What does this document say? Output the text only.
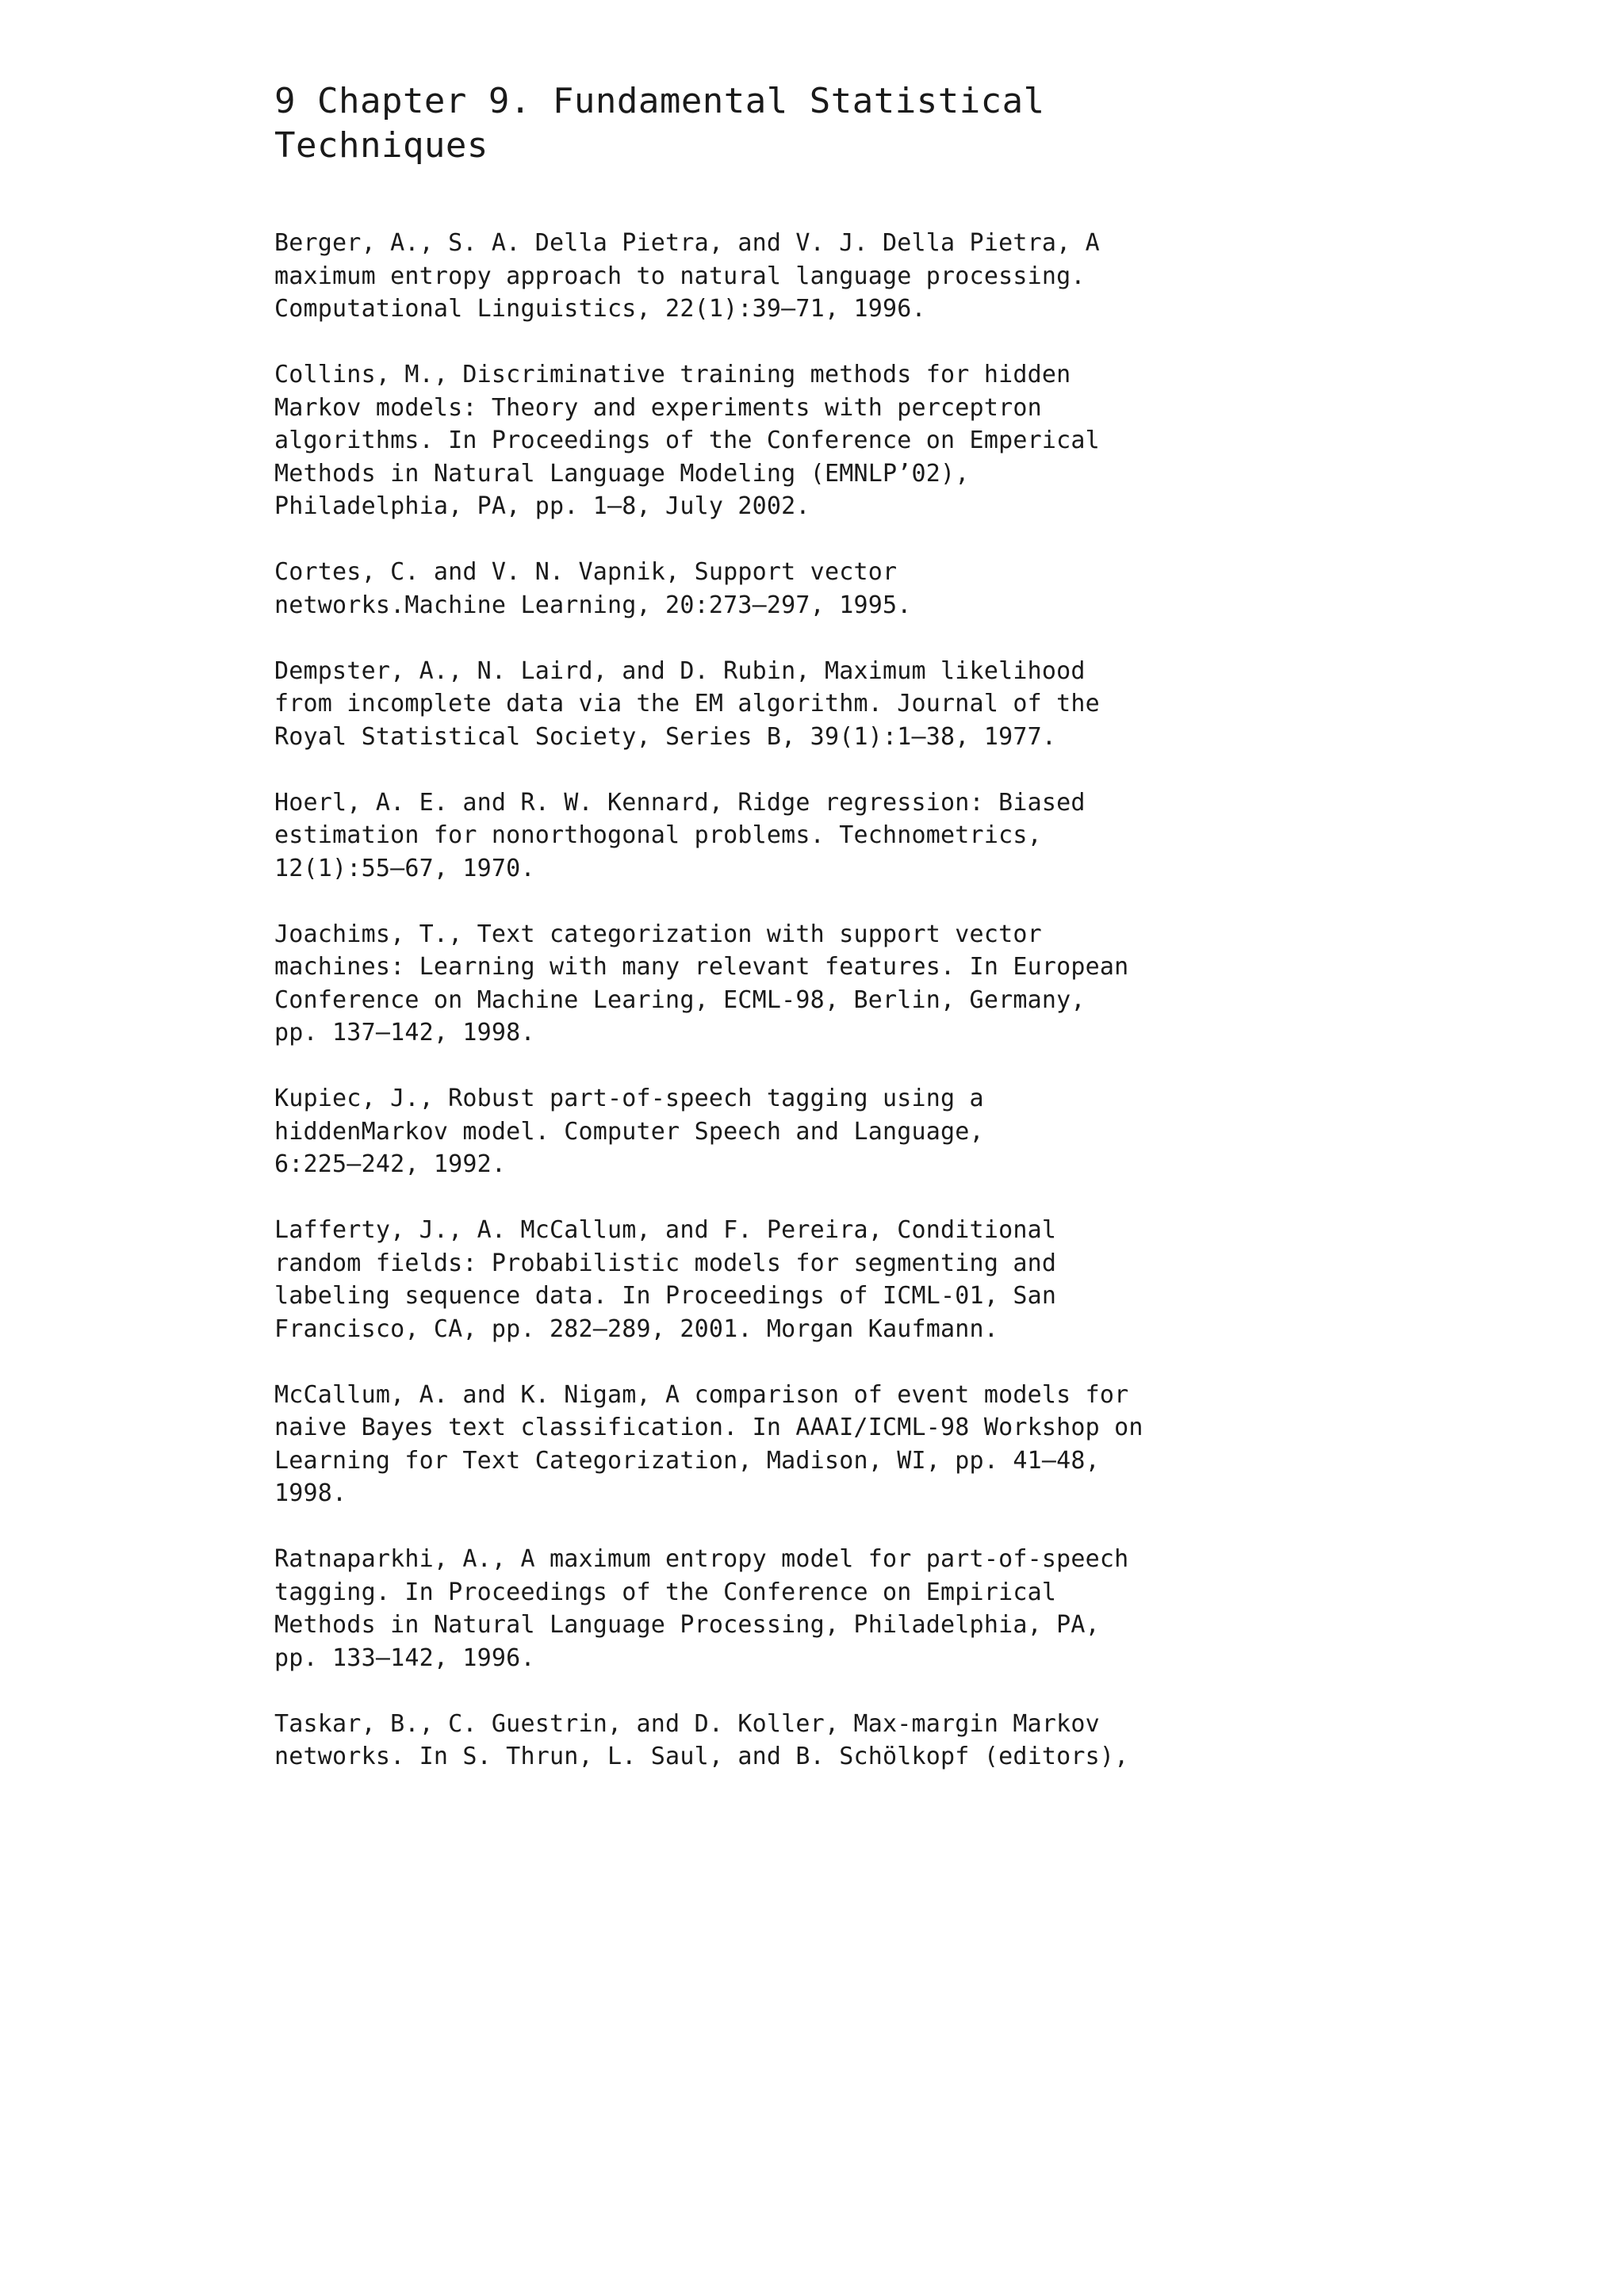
9 Chapter 9. Fundamental Statistical
Techniques
Berger, A., S. A. Della Pietra, and V. J. Della Pietra, A
maximum entropy approach to natural language processing.
Computational Linguistics, 22(1):39–71, 1996.
Collins, M., Discriminative training methods for hidden
Markov models: Theory and experiments with perceptron
algorithms. In Proceedings of the Conference on Emperical
Methods in Natural Language Modeling (EMNLP’02),
Philadelphia, PA, pp. 1–8, July 2002.
Cortes, C. and V. N. Vapnik, Support vector
networks.Machine Learning, 20:273–297, 1995.
Dempster, A., N. Laird, and D. Rubin, Maximum likelihood
from incomplete data via the EM algorithm. Journal of the
Royal Statistical Society, Series B, 39(1):1–38, 1977.
Hoerl, A. E. and R. W. Kennard, Ridge regression: Biased
estimation for nonorthogonal problems. Technometrics,
12(1):55–67, 1970.
Joachims, T., Text categorization with support vector
machines: Learning with many relevant features. In European
Conference on Machine Learing, ECML-98, Berlin, Germany,
pp. 137–142, 1998.
Kupiec, J., Robust part-of-speech tagging using a
hiddenMarkov model. Computer Speech and Language,
6:225–242, 1992.
Lafferty, J., A. McCallum, and F. Pereira, Conditional
random fields: Probabilistic models for segmenting and
labeling sequence data. In Proceedings of ICML-01, San
Francisco, CA, pp. 282–289, 2001. Morgan Kaufmann.
McCallum, A. and K. Nigam, A comparison of event models for
naive Bayes text classification. In AAAI/ICML-98 Workshop on
Learning for Text Categorization, Madison, WI, pp. 41–48,
1998.
Ratnaparkhi, A., A maximum entropy model for part-of-speech
tagging. In Proceedings of the Conference on Empirical
Methods in Natural Language Processing, Philadelphia, PA,
pp. 133–142, 1996.
Taskar, B., C. Guestrin, and D. Koller, Max-margin Markov
networks. In S. Thrun, L. Saul, and B. Schölkopf (editors),
